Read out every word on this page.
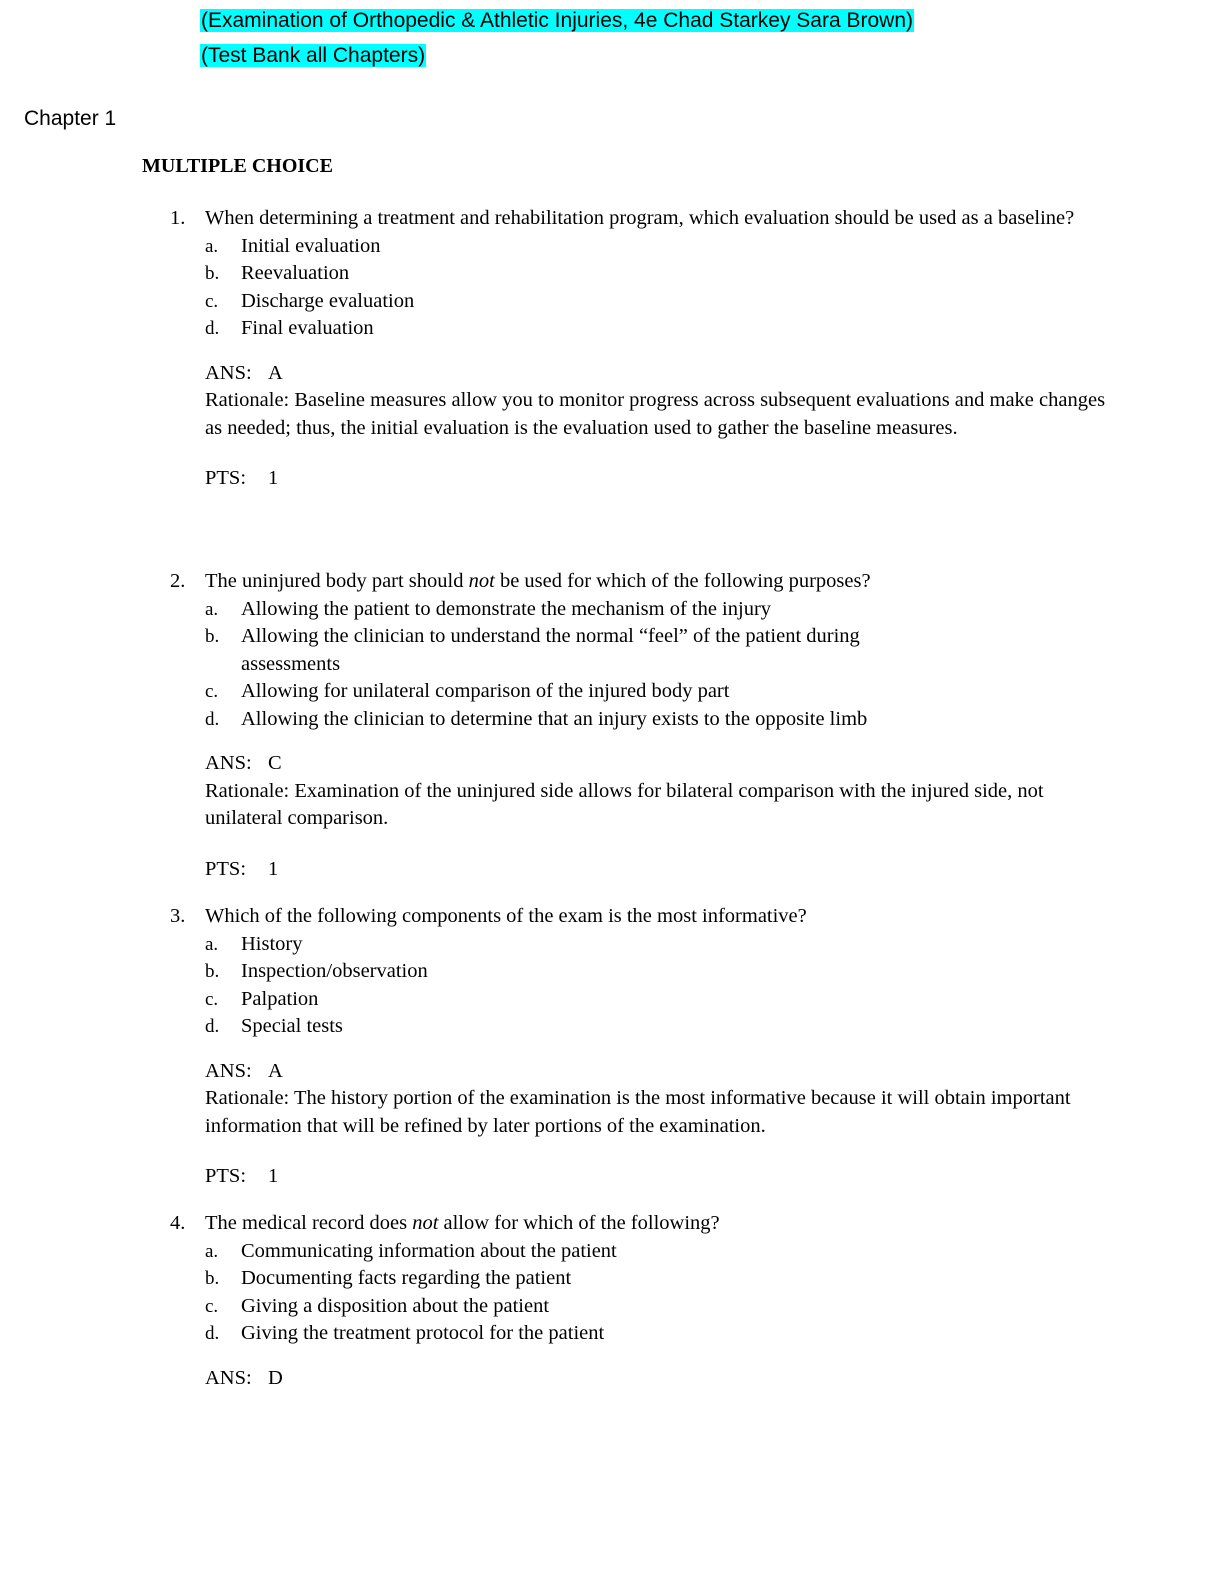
(Examination of Orthopedic & Athletic Injuries, 4e Chad Starkey Sara Brown)
(Test Bank all Chapters)
Chapter 1
MULTIPLE CHOICE
1. When determining a treatment and rehabilitation program, which evaluation should be used as a baseline?
a.	Initial evaluation
b.	Reevaluation
c.	Discharge evaluation
d.	Final evaluation
ANS: A
Rationale: Baseline measures allow you to monitor progress across subsequent evaluations and make changes as needed; thus, the initial evaluation is the evaluation used to gather the baseline measures.
PTS: 1
2. The uninjured body part should not be used for which of the following purposes?
a.	Allowing the patient to demonstrate the mechanism of the injury
b.	Allowing the clinician to understand the normal “feel” of the patient during assessments
c.	Allowing for unilateral comparison of the injured body part
d.	Allowing the clinician to determine that an injury exists to the opposite limb
ANS: C
Rationale: Examination of the uninjured side allows for bilateral comparison with the injured side, not unilateral comparison.
PTS: 1
3. Which of the following components of the exam is the most informative?
a.	History
b.	Inspection/observation
c.	Palpation
d.	Special tests
ANS: A
Rationale: The history portion of the examination is the most informative because it will obtain important information that will be refined by later portions of the examination.
PTS: 1
4. The medical record does not allow for which of the following?
a.	Communicating information about the patient
b.	Documenting facts regarding the patient
c.	Giving a disposition about the patient
d.	Giving the treatment protocol for the patient
ANS: D
